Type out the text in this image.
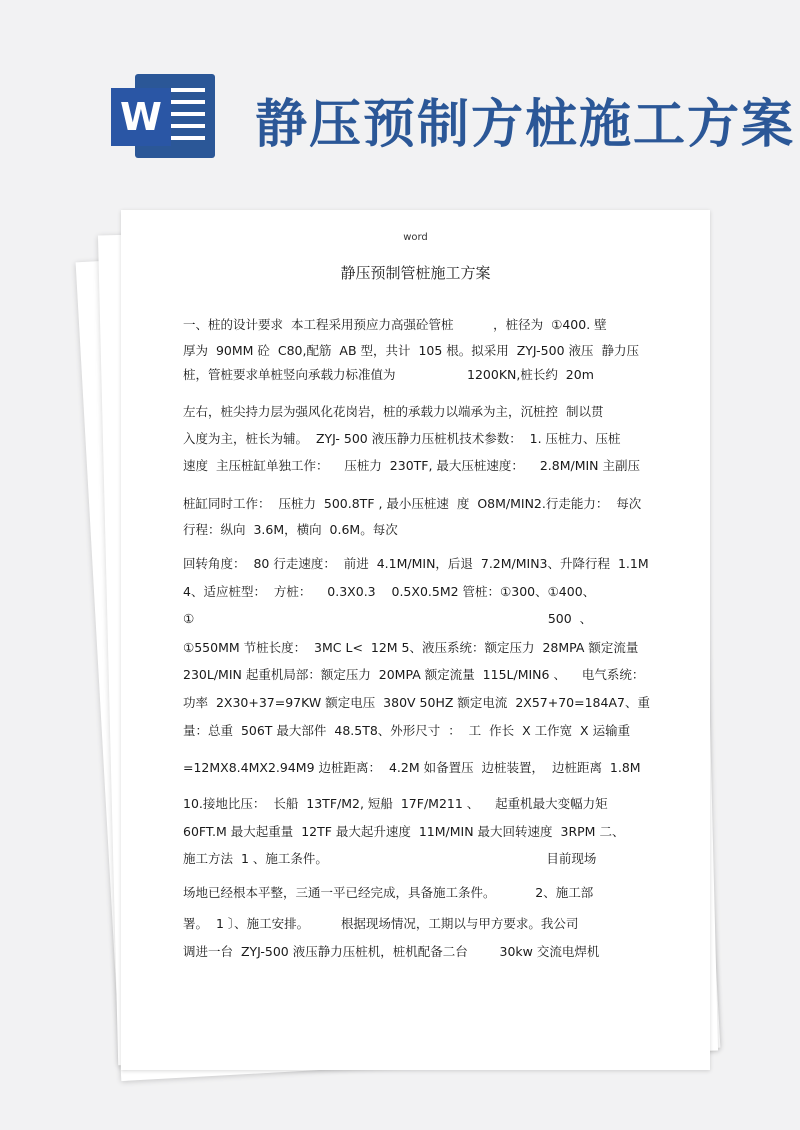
W 静压预制方桩施工方案
word
静压预制管桩施工方案
一、桩的设计要求  本工程采用预应力高强砼管桩          ，桩径为  ①400. 壁
厚为  90MM 砼  C80,配筋  AB 型，共计  105 根。拟采用  ZYJ-500 液压  静力压
桩，管桩要求单桩竖向承载力标准值为                  1200KN,桩长约  20m
左右，桩尖持力层为强风化花岗岩，桩的承载力以端承为主，沉桩控  制以贯
入度为主，桩长为辅。  ZYJ- 500 液压静力压桩机技术参数：  1. 压桩力、压桩
速度  主压桩缸单独工作：    压桩力  230TF, 最大压桩速度：    2.8M/MIN 主副压
桩缸同时工作：  压桩力  500.8TF , 最小压桩速  度  O8M/MIN2.行走能力：  每次
行程：纵向  3.6M，横向  0.6M。每次
回转角度：  80 行走速度：  前进  4.1M/MIN，后退  7.2M/MIN3、升降行程  1.1M
4、适应桩型：  方桩：    0.3X0.3    0.5X0.5M2 管桩：①300、①400、
①                                                                                         500  、
①550MM 节桩长度：  3MC L<  12M 5、液压系统：额定压力  28MPA 额定流量
230L/MIN 起重机局部：额定压力  20MPA 额定流量  115L/MIN6 、    电气系统：
功率  2X30+37=97KW 额定电压  380V 50HZ 额定电流  2X57+70=184A7、重
量：总重  506T 最大部件  48.5T8、外形尺寸  ：  工  作长  X 工作宽  X 运输重
=12MX8.4MX2.94M9 边桩距离：  4.2M 如备置压  边桩装置，  边桩距离  1.8M
10.接地比压：  长船  13TF/M2, 短船  17F/M211 、    起重机最大变幅力矩
60FT.M 最大起重量  12TF 最大起升速度  11M/MIN 最大回转速度  3RPM 二、
施工方法  1 、施工条件。                                                       目前现场
场地已经根本平整，三通一平已经完成，具备施工条件。          2、施工部
署。  1 〕、施工安排。        根据现场情况，工期以与甲方要求。我公司
调进一台  ZYJ-500 液压静力压桩机，桩机配备二台        30kw 交流电焊机
